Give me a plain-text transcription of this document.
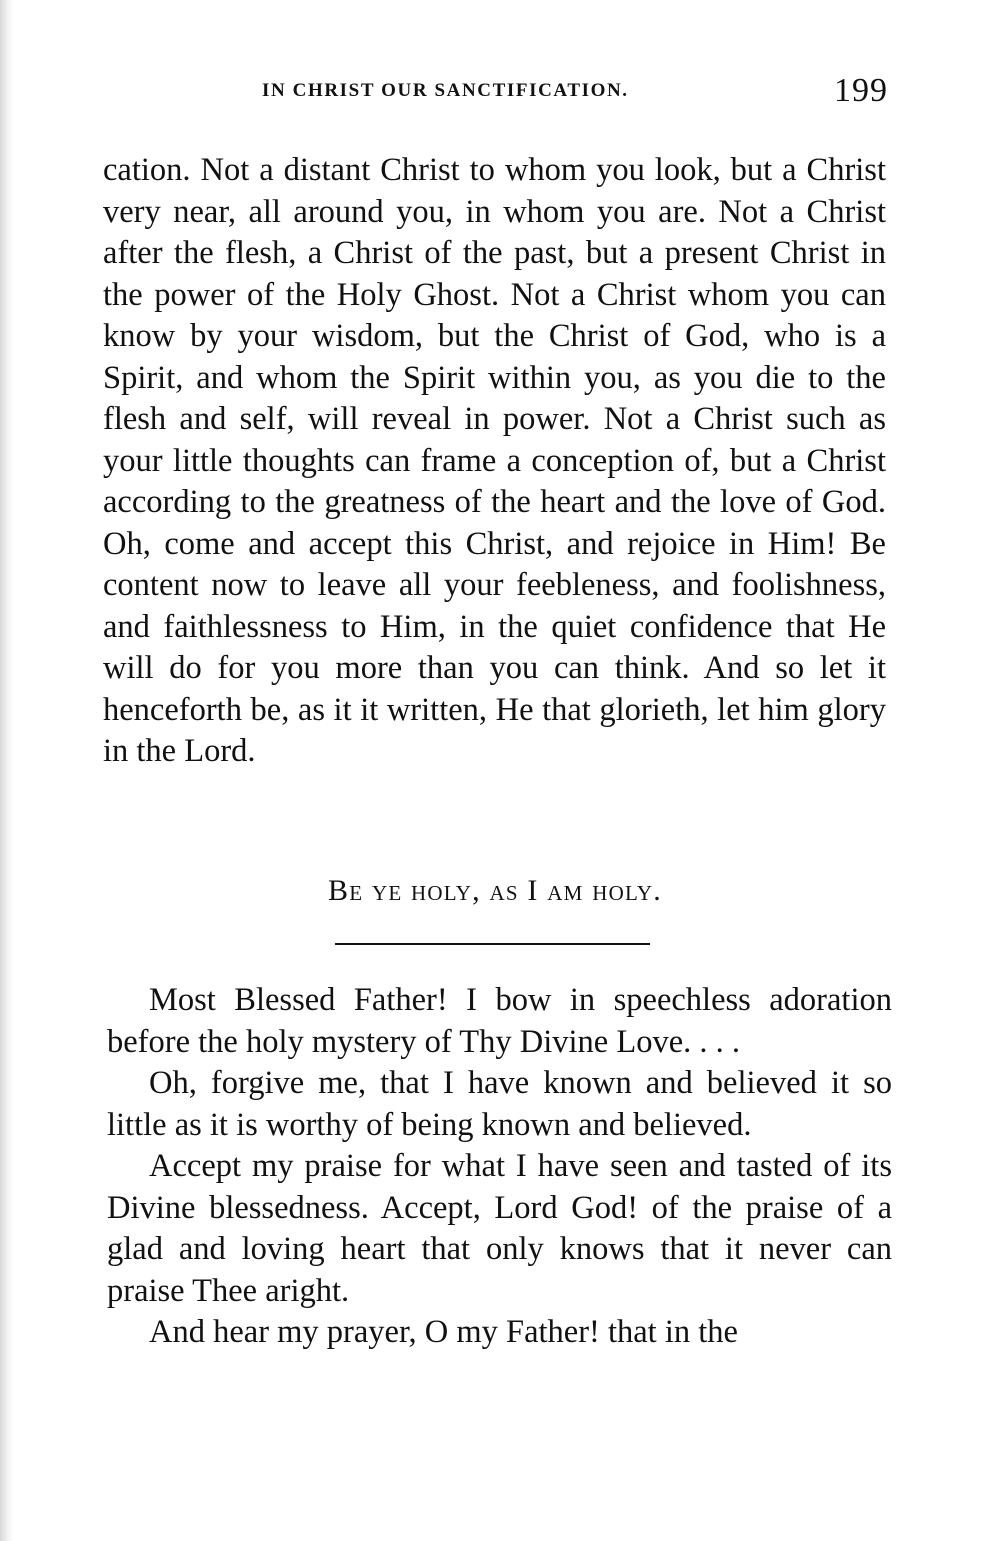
IN CHRIST OUR SANCTIFICATION.	199

cation. Not a distant Christ to whom you look, but a Christ very near, all around you, in whom you are. Not a Christ after the flesh, a Christ of the past, but a present Christ in the power of the Holy Ghost. Not a Christ whom you can know by your wisdom, but the Christ of God, who is a Spirit, and whom the Spirit within you, as you die to the flesh and self, will reveal in power. Not a Christ such as your little thoughts can frame a conception of, but a Christ according to the greatness of the heart and the love of God. Oh, come and accept this Christ, and rejoice in Him! Be content now to leave all your feebleness, and foolishness, and faithlessness to Him, in the quiet confidence that He will do for you more than you can think. And so let it henceforth be, as it it written, He that glorieth, let him glory in the Lord.

Be ye holy, as I am holy.

Most Blessed Father! I bow in speechless adoration before the holy mystery of Thy Divine Love. . . .

Oh, forgive me, that I have known and believed it so little as it is worthy of being known and believed.

Accept my praise for what I have seen and tasted of its Divine blessedness. Accept, Lord God! of the praise of a glad and loving heart that only knows that it never can praise Thee aright.

And hear my prayer, O my Father! that in the
